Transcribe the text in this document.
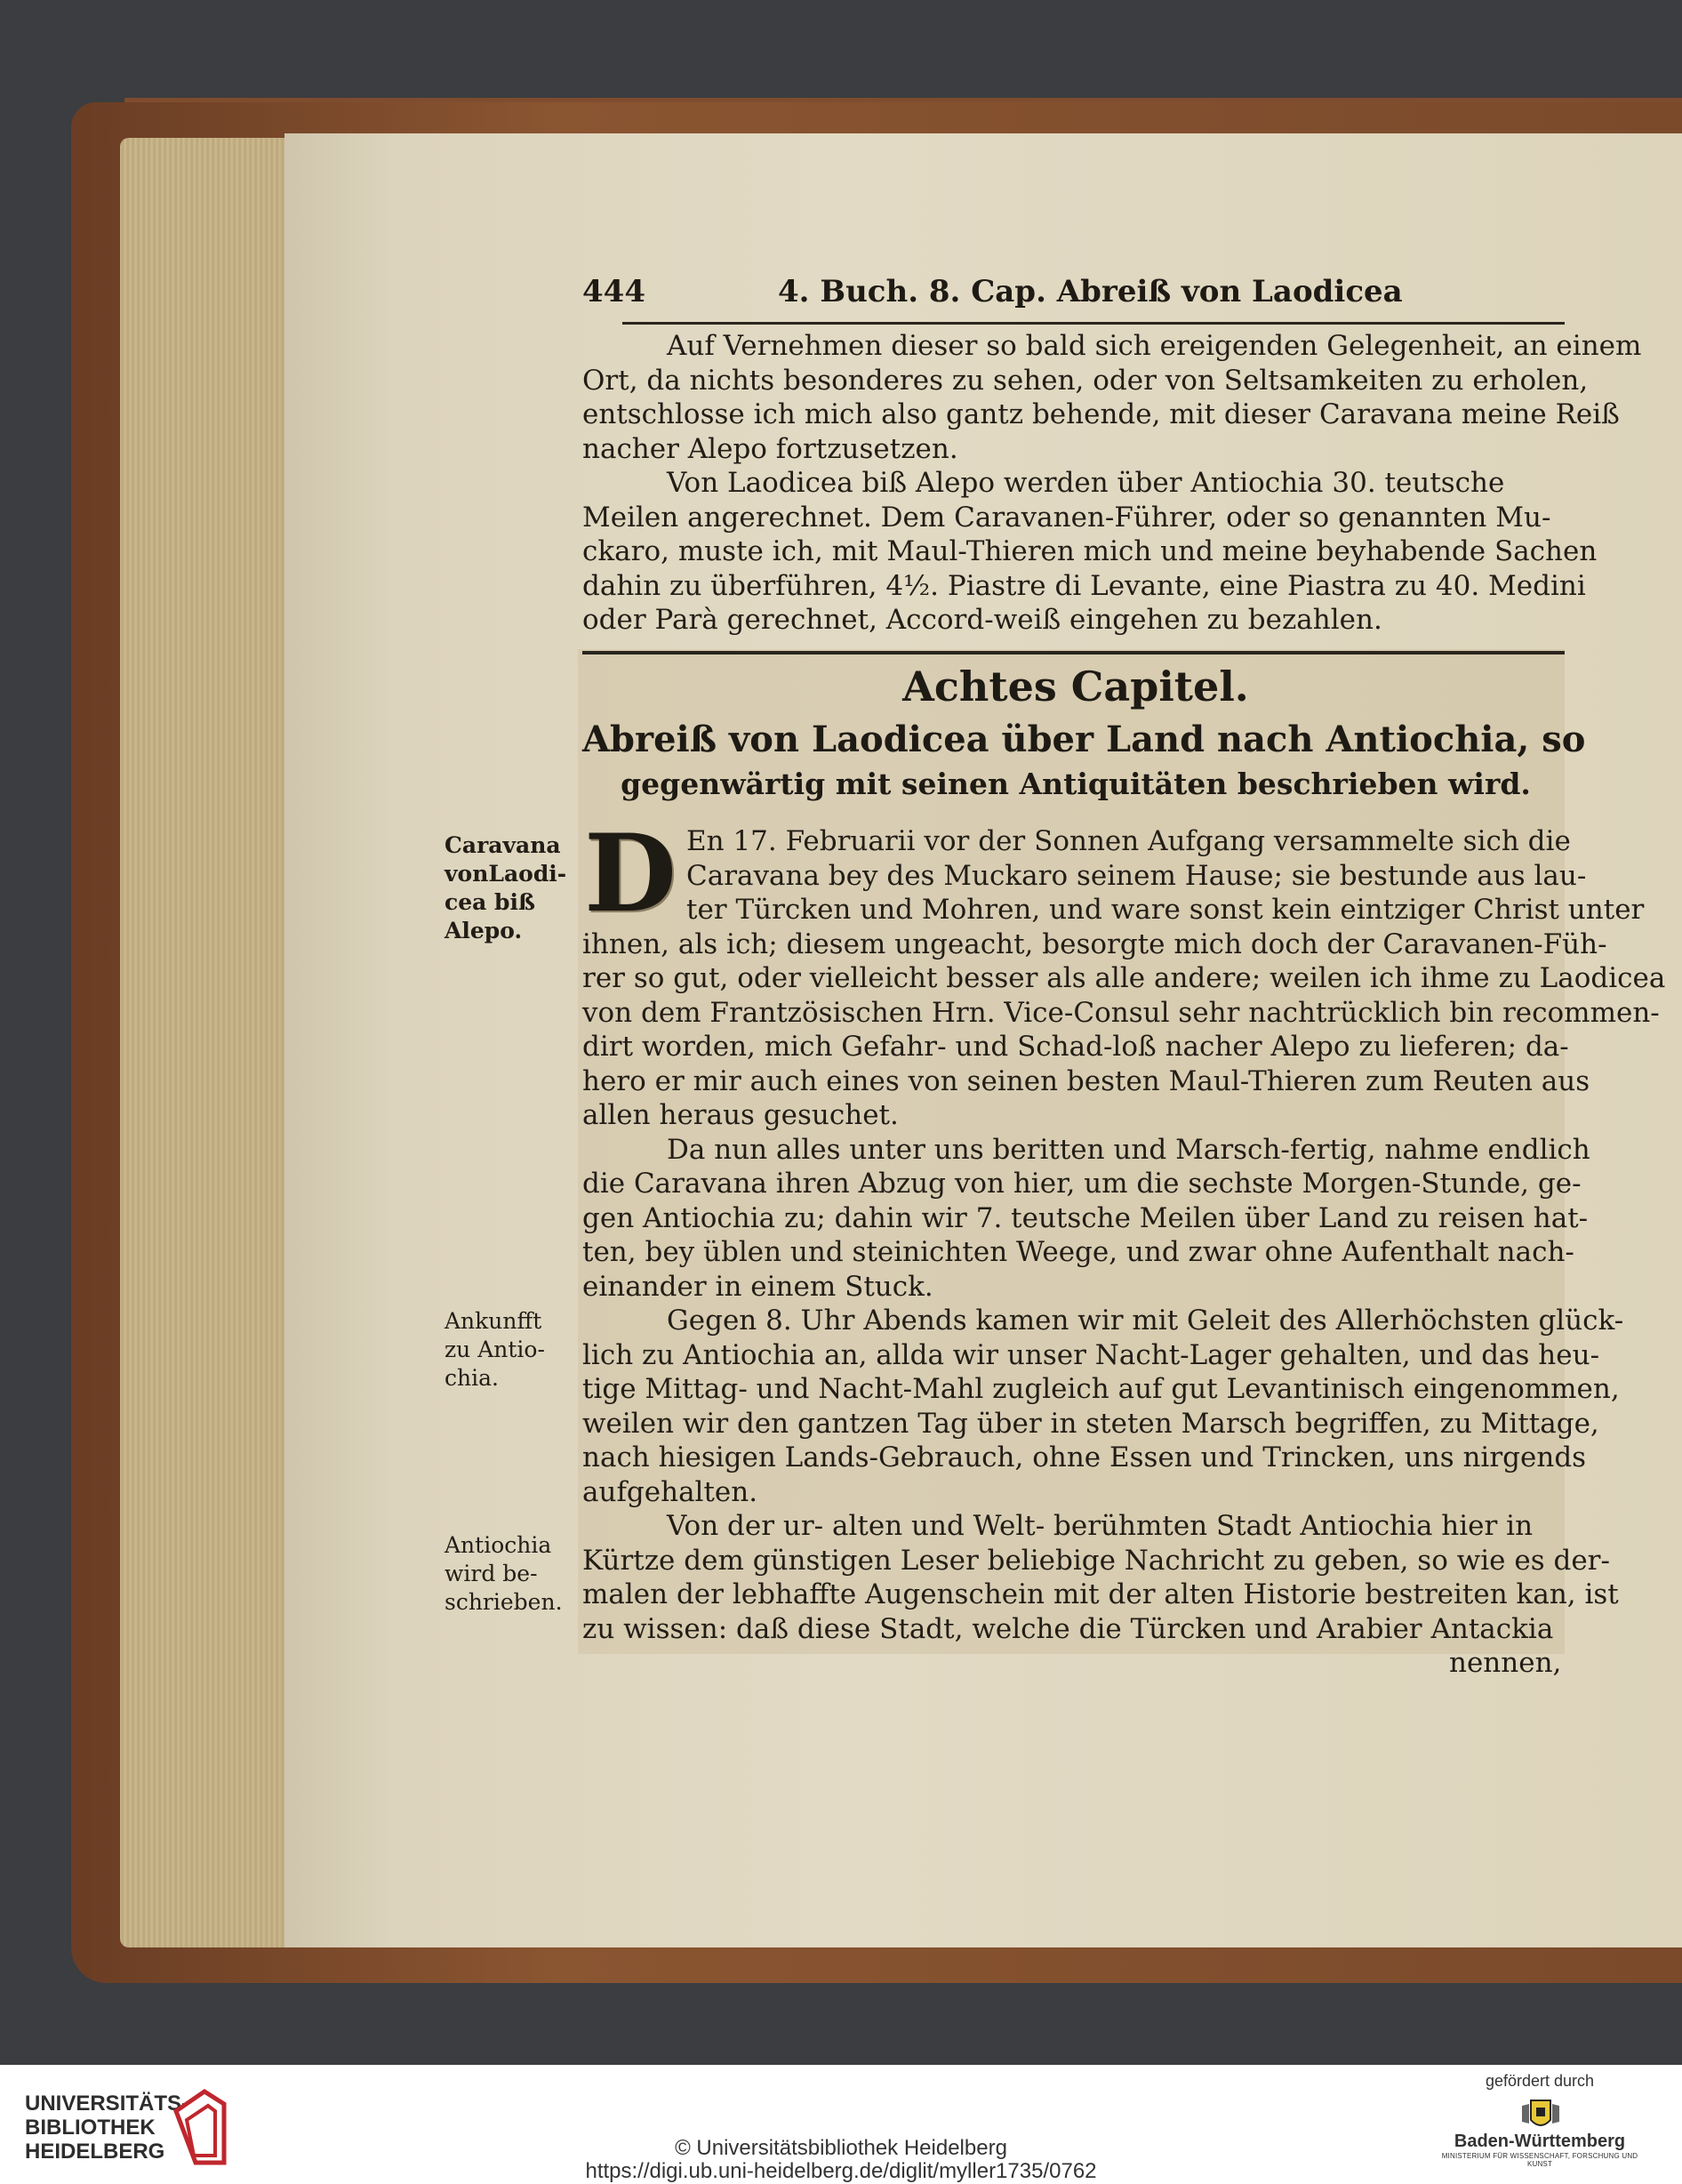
444	4. Buch. 8. Cap. Abreiß von Laodicea
Auf Vernehmen dieser so bald sich ereigenden Gelegenheit, an einem
Ort, da nichts besonderes zu sehen, oder von Seltsamkeiten zu erholen,
entschlosse ich mich also gantz behende, mit dieser Caravana meine Reiß
nacher Alepo fortzusetzen.
Von Laodicea biß Alepo werden über Antiochia 30. teutsche
Meilen angerechnet. Dem Caravanen-Führer, oder so genannten Mu-
ckaro, muste ich, mit Maul-Thieren mich und meine beyhabende Sachen
dahin zu überführen, 4½. Piastre di Levante, eine Piastra zu 40. Medini
oder Parà gerechnet, Accord-weiß eingehen zu bezahlen.
Achtes Capitel.
Abreiß von Laodicea über Land nach Antiochia, so
gegenwärtig mit seinen Antiquitäten beschrieben wird.
D En 17. Februarii vor der Sonnen Aufgang versammelte sich die
Caravana bey des Muckaro seinem Hause; sie bestunde aus lau-
ter Türcken und Mohren, und ware sonst kein eintziger Christ unter
ihnen, als ich; diesem ungeacht, besorgte mich doch der Caravanen-Füh-
rer so gut, oder vielleicht besser als alle andere; weilen ich ihme zu Laodicea
von dem Frantzösischen Hrn. Vice-Consul sehr nachtrücklich bin recommen-
dirt worden, mich Gefahr- und Schad-loß nacher Alepo zu lieferen; da-
hero er mir auch eines von seinen besten Maul-Thieren zum Reuten aus
allen heraus gesuchet.
Da nun alles unter uns beritten und Marsch-fertig, nahme endlich
die Caravana ihren Abzug von hier, um die sechste Morgen-Stunde, ge-
gen Antiochia zu; dahin wir 7. teutsche Meilen über Land zu reisen hat-
ten, bey üblen und steinichten Weege, und zwar ohne Aufenthalt nach-
einander in einem Stuck.
Gegen 8. Uhr Abends kamen wir mit Geleit des Allerhöchsten glück-
lich zu Antiochia an, allda wir unser Nacht-Lager gehalten, und das heu-
tige Mittag- und Nacht-Mahl zugleich auf gut Levantinisch eingenommen,
weilen wir den gantzen Tag über in steten Marsch begriffen, zu Mittage,
nach hiesigen Lands-Gebrauch, ohne Essen und Trincken, uns nirgends
aufgehalten.
Von der ur- alten und Welt- berühmten Stadt Antiochia hier in
Kürtze dem günstigen Leser beliebige Nachricht zu geben, so wie es der-
malen der lebhaffte Augenschein mit der alten Historie bestreiten kan, ist
zu wissen: daß diese Stadt, welche die Türcken und Arabier Antackia
nennen,
Caravana
vonLaodi-
cea biß
Alepo.
Ankunfft
zu Antio-
chia.
Antiochia
wird be-
schrieben.
UNIVERSITÄTS-
BIBLIOTHEK
HEIDELBERG	© Universitätsbibliothek Heidelberg
https://digi.ub.uni-heidelberg.de/diglit/myller1735/0762
gefördert durch
Baden-Württemberg
MINISTERIUM FÜR WISSENSCHAFT, FORSCHUNG UND KUNST
